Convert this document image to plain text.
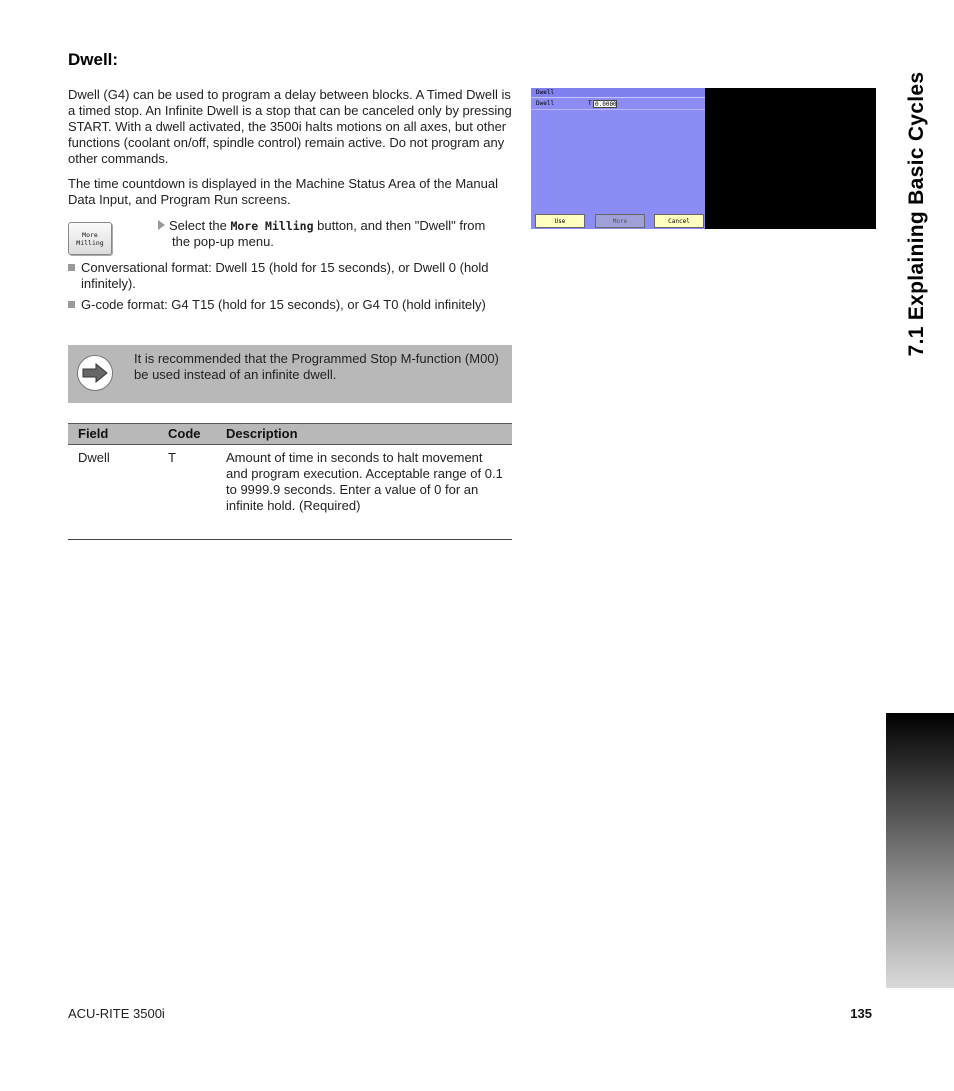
Dwell:

Dwell (G4) can be used to program a delay between blocks. A Timed Dwell is a timed stop. An Infinite Dwell is a stop that can be canceled only by pressing START. With a dwell activated, the 3500i halts motions on all axes, but other functions (coolant on/off, spindle control) remain active. Do not program any other commands.

The time countdown is displayed in the Machine Status Area of the Manual Data Input, and Program Run screens.

More
Milling
Select the More Milling button, and then "Dwell" from
the pop-up menu.
Conversational format: Dwell 15 (hold for 15 seconds), or Dwell 0 (hold infinitely).
G-code format: G4 T15 (hold for 15 seconds), or G4 T0 (hold infinitely)
It is recommended that the Programmed Stop M-function (M00) be used instead of an infinite dwell.
Field	Code Description
Dwell	T	Amount of time in seconds to halt movement and program execution. Acceptable range of 0.1 to 9999.9 seconds. Enter a value of 0 for an infinite hold. (Required)
Dwell
Dwell	T 0.0000
Use	More	Cancel	7.1 Explaining Basic Cycles
ACU-RITE 3500i	135
